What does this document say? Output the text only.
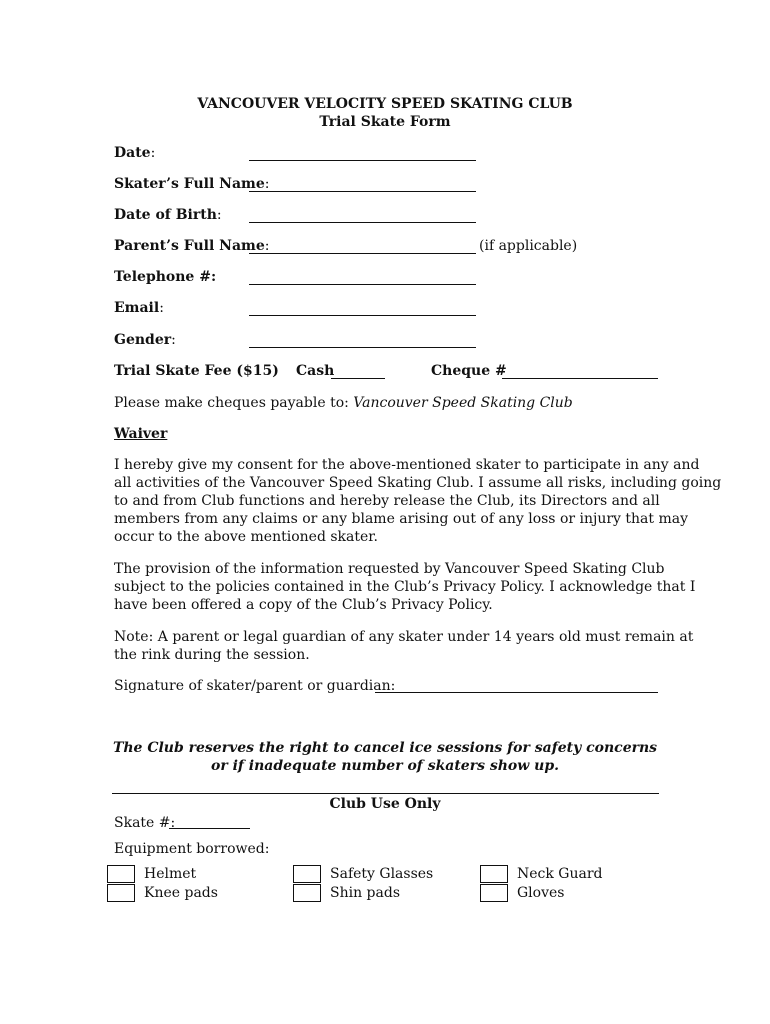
VANCOUVER VELOCITY SPEED SKATING CLUB
Trial Skate Form
Date:
Skater’s Full Name:
Date of Birth:
Parent’s Full Name:	(if applicable)
Telephone #:
Email:
Gender:
Trial Skate Fee ($15) Cash	Cheque #
Please make cheques payable to: Vancouver Speed Skating Club
Waiver
I hereby give my consent for the above-mentioned skater to participate in any and
all activities of the Vancouver Speed Skating Club. I assume all risks, including going
to and from Club functions and hereby release the Club, its Directors and all
members from any claims or any blame arising out of any loss or injury that may
occur to the above mentioned skater.
The provision of the information requested by Vancouver Speed Skating Club
subject to the policies contained in the Club’s Privacy Policy. I acknowledge that I
have been offered a copy of the Club’s Privacy Policy.
Note: A parent or legal guardian of any skater under 14 years old must remain at
the rink during the session.
Signature of skater/parent or guardian:
The Club reserves the right to cancel ice sessions for safety concerns
or if inadequate number of skaters show up.
Club Use Only
Skate #:
Equipment borrowed:
Helmet
Knee pads
Safety Glasses
Shin pads
Neck Guard
Gloves
